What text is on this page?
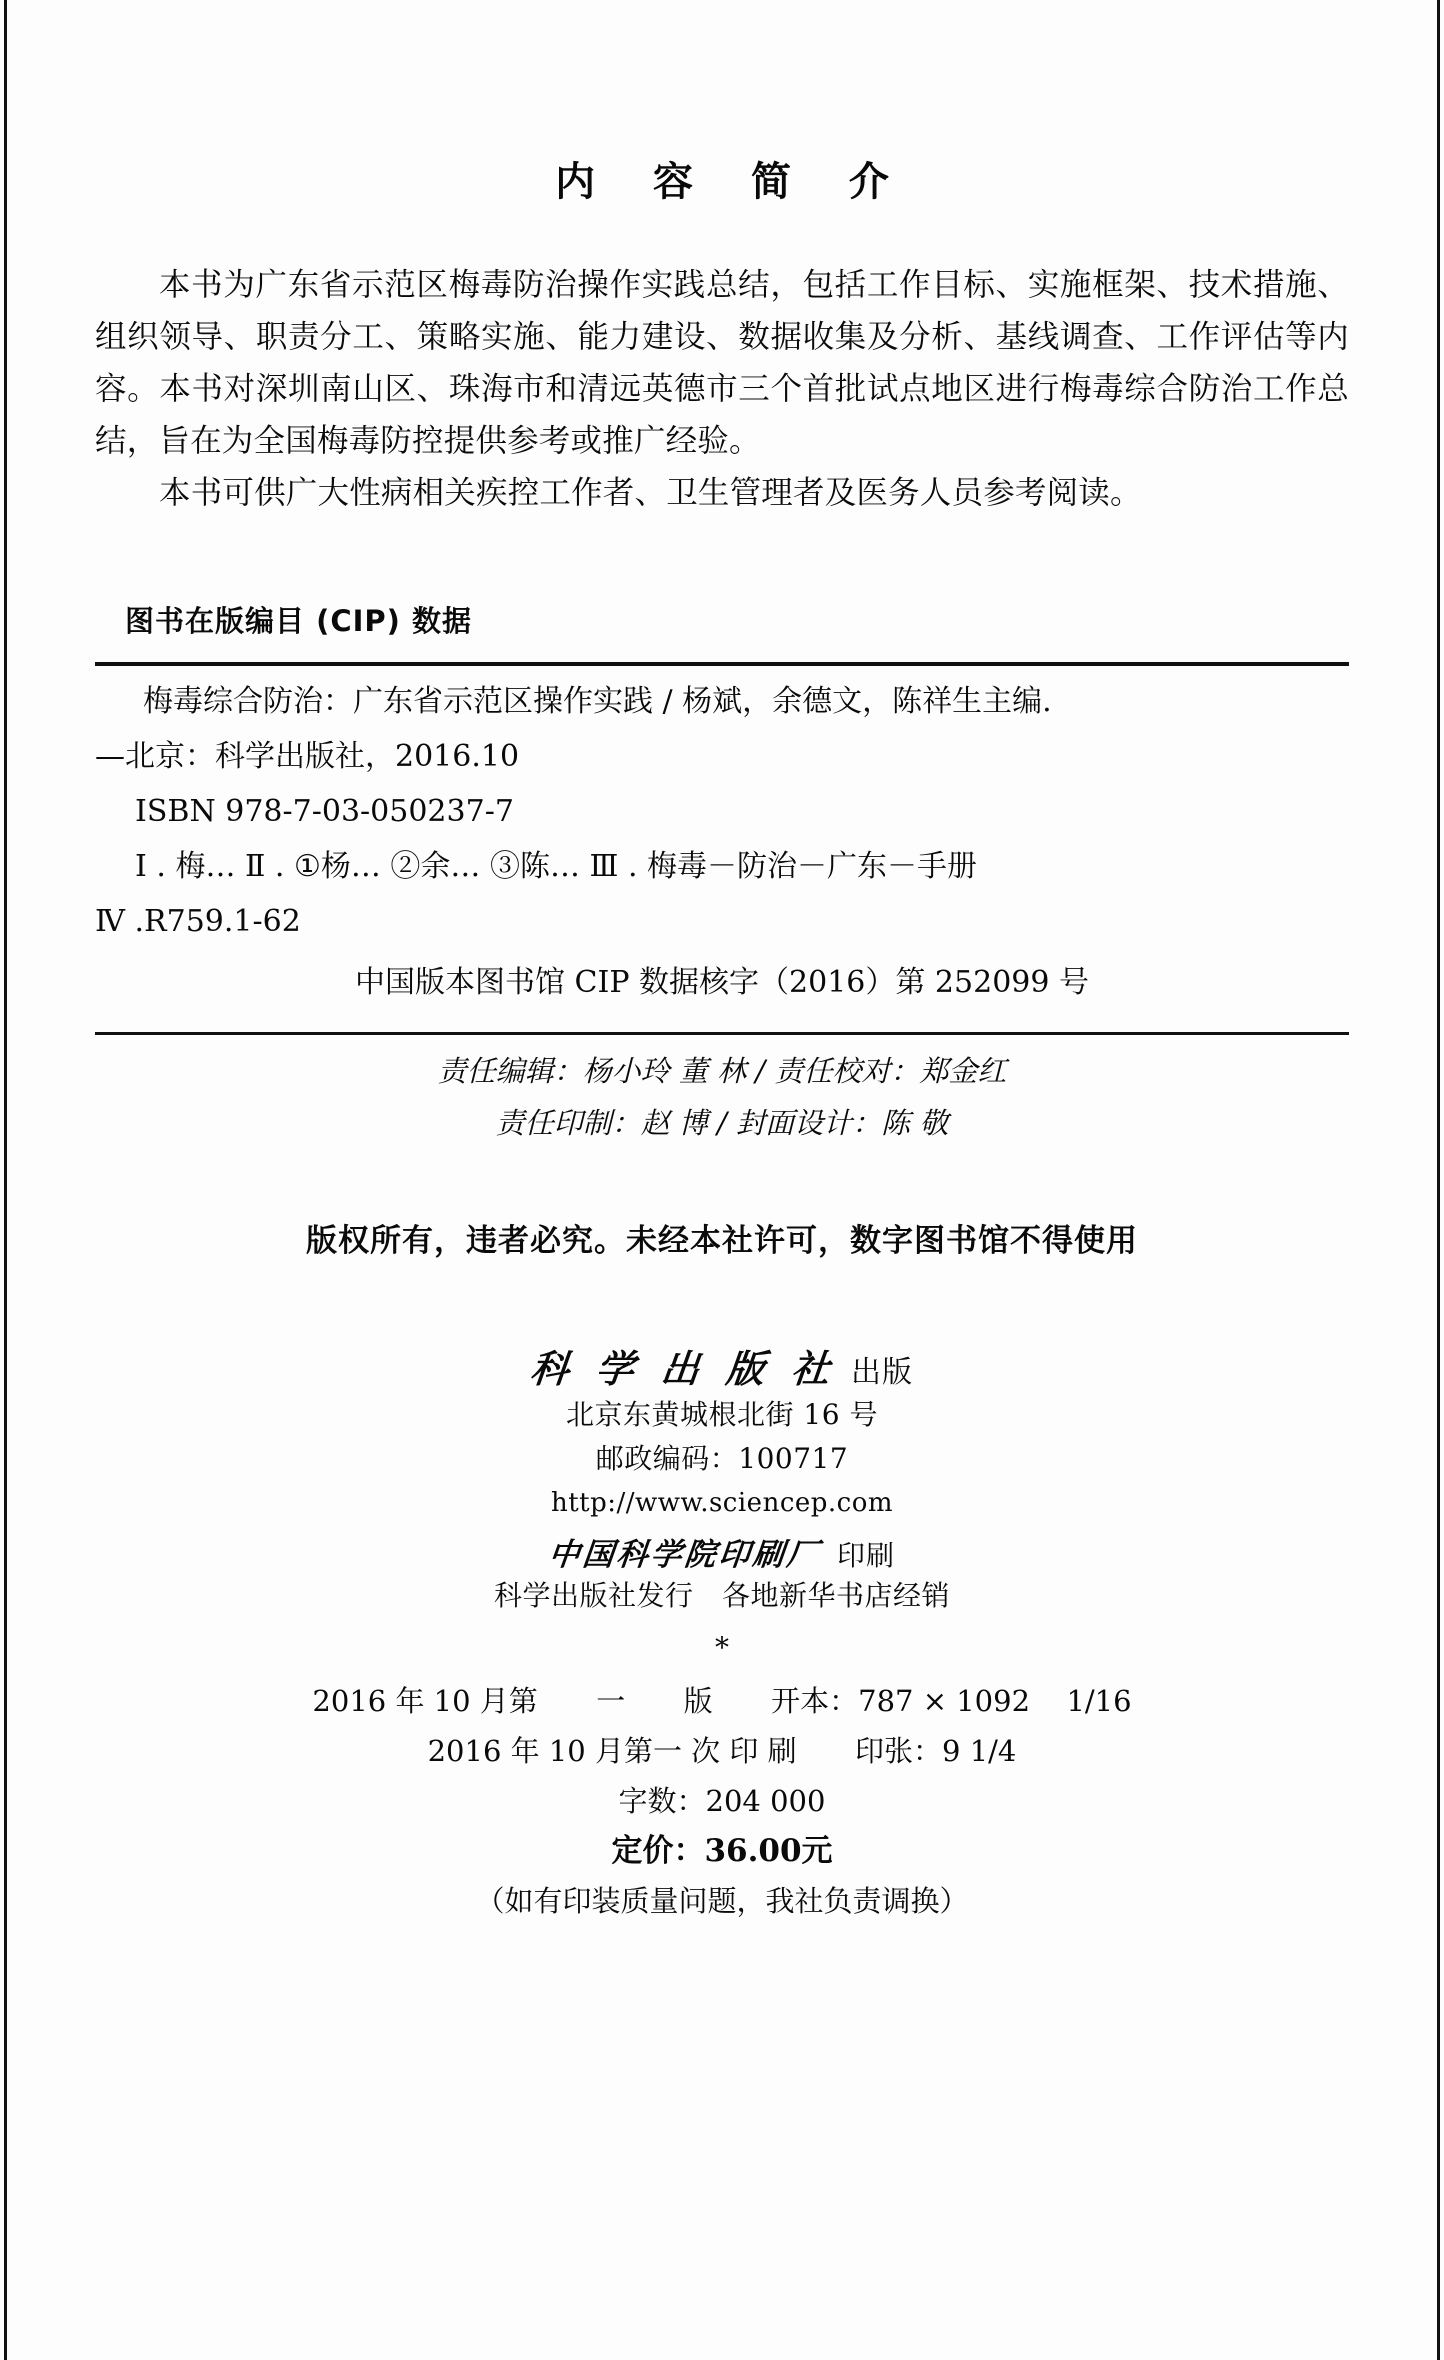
内 容 简 介

本书为广东省示范区梅毒防治操作实践总结，包括工作目标、实施框架、技术措施、组织领导、职责分工、策略实施、能力建设、数据收集及分析、基线调查、工作评估等内容。本书对深圳南山区、珠海市和清远英德市三个首批试点地区进行梅毒综合防治工作总结，旨在为全国梅毒防控提供参考或推广经验。

本书可供广大性病相关疾控工作者、卫生管理者及医务人员参考阅读。

图书在版编目 (CIP) 数据

梅毒综合防治：广东省示范区操作实践 / 杨斌，余德文，陈祥生主编.

—北京：科学出版社，2016.10

ISBN 978-7-03-050237-7

Ⅰ . 梅… Ⅱ . ①杨… ②余… ③陈… Ⅲ . 梅毒－防治－广东－手册

Ⅳ .R759.1-62

中国版本图书馆 CIP 数据核字（2016）第 252099 号

责任编辑：杨小玲 董 林 / 责任校对：郑金红
责任印制：赵 博 / 封面设计：陈 敬
版权所有，违者必究。未经本社许可，数字图书馆不得使用
科 学 出 版 社 出版
北京东黄城根北街 16 号
邮政编码：100717
http://www.sciencep.com
中国科学院印刷厂 印刷
科学出版社发行　各地新华书店经销
*
2016 年 10 月第 一 版 开本：787 × 1092 1/16
2016 年 10 月第一 次 印 刷 印张：9 1/4
字数：204 000
定价：36.00元
（如有印装质量问题，我社负责调换）
